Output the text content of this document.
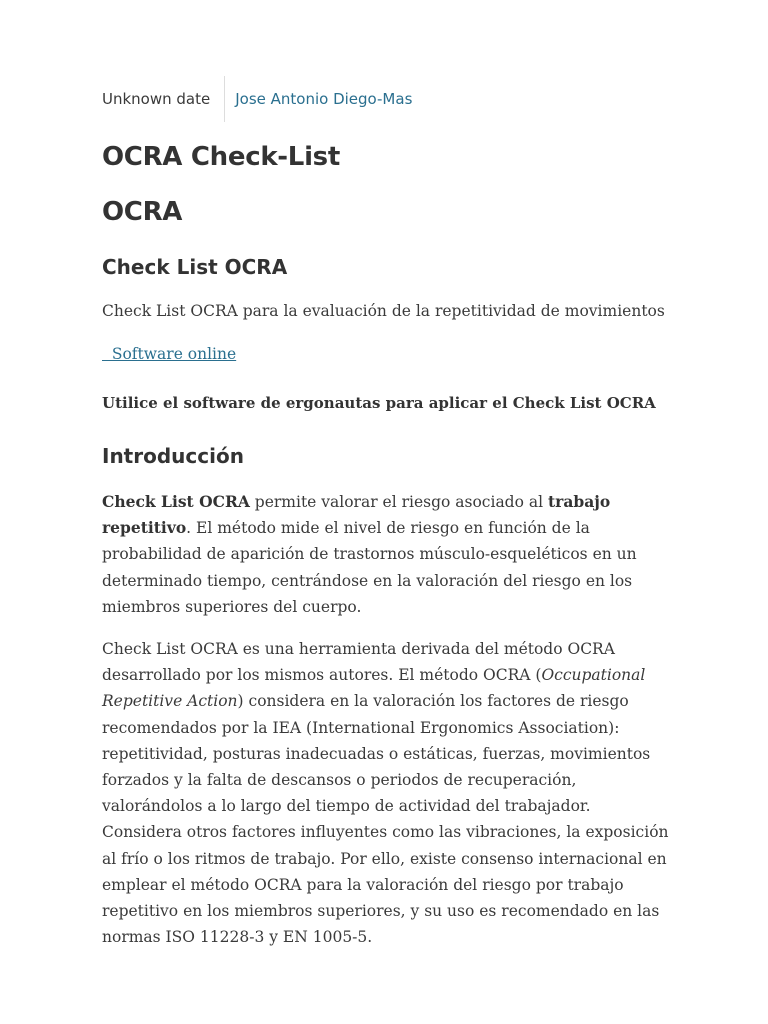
Unknown date	Jose Antonio Diego-Mas
OCRA Check-List
OCRA
Check List OCRA

Check List OCRA para la evaluación de la repetitividad de movimientos

Software online

Utilice el software de ergonautas para aplicar el Check List OCRA

Introducción

Check List OCRA permite valorar el riesgo asociado al trabajo repetitivo. El método mide el nivel de riesgo en función de la probabilidad de aparición de trastornos músculo-esqueléticos en un determinado tiempo, centrándose en la valoración del riesgo en los miembros superiores del cuerpo.

Check List OCRA es una herramienta derivada del método OCRA desarrollado por los mismos autores. El método OCRA (Occupational Repetitive Action) considera en la valoración los factores de riesgo recomendados por la IEA (International Ergonomics Association): repetitividad, posturas inadecuadas o estáticas, fuerzas, movimientos forzados y la falta de descansos o periodos de recuperación, valorándolos a lo largo del tiempo de actividad del trabajador. Considera otros factores influyentes como las vibraciones, la exposición al frío o los ritmos de trabajo. Por ello, existe consenso internacional en emplear el método OCRA para la valoración del riesgo por trabajo repetitivo en los miembros superiores, y su uso es recomendado en las normas ISO 11228-3 y EN 1005-5.
